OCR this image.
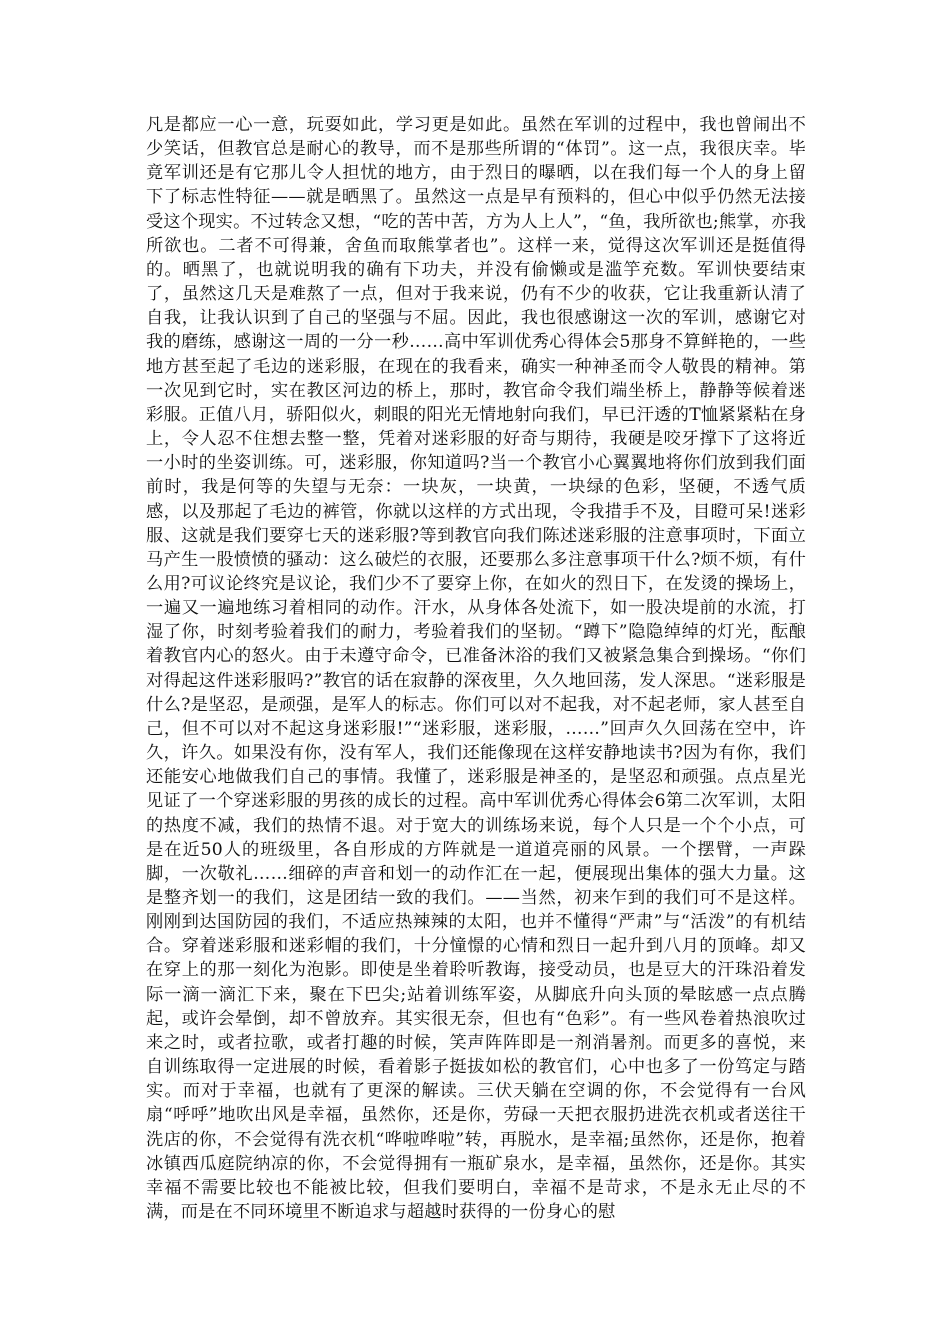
凡是都应一心一意，玩耍如此，学习更是如此。虽然在军训的过程中，我也曾闹出不少笑话，但教官总是耐心的教导，而不是那些所谓的“体罚”。这一点，我很庆幸。毕竟军训还是有它那儿令人担忧的地方，由于烈日的曝晒，以在我们每一个人的身上留下了标志性特征——就是晒黑了。虽然这一点是早有预料的，但心中似乎仍然无法接受这个现实。不过转念又想，“吃的苦中苦，方为人上人”，“鱼，我所欲也;熊掌，亦我所欲也。二者不可得兼，舍鱼而取熊掌者也”。这样一来，觉得这次军训还是挺值得的。晒黑了，也就说明我的确有下功夫，并没有偷懒或是滥竽充数。军训快要结束了，虽然这几天是难熬了一点，但对于我来说，仍有不少的收获，它让我重新认清了自我，让我认识到了自己的坚强与不屈。因此，我也很感谢这一次的军训，感谢它对我的磨练，感谢这一周的一分一秒……高中军训优秀心得体会5那身不算鲜艳的，一些地方甚至起了毛边的迷彩服，在现在的我看来，确实一种神圣而令人敬畏的精神。第一次见到它时，实在教区河边的桥上，那时，教官命令我们端坐桥上，静静等候着迷彩服。正值八月，骄阳似火，刺眼的阳光无情地射向我们，早已汗透的T恤紧紧粘在身上，令人忍不住想去整一整，凭着对迷彩服的好奇与期待，我硬是咬牙撑下了这将近一小时的坐姿训练。可，迷彩服，你知道吗?当一个教官小心翼翼地将你们放到我们面前时，我是何等的失望与无奈：一块灰，一块黄，一块绿的色彩，坚硬，不透气质感，以及那起了毛边的裤管，你就以这样的方式出现，令我措手不及，目瞪可呆!迷彩服、这就是我们要穿七天的迷彩服?等到教官向我们陈述迷彩服的注意事项时，下面立马产生一股愤愤的骚动：这么破烂的衣服，还要那么多注意事项干什么?烦不烦，有什么用?可议论终究是议论，我们少不了要穿上你，在如火的烈日下，在发烫的操场上，一遍又一遍地练习着相同的动作。汗水，从身体各处流下，如一股决堤前的水流，打湿了你，时刻考验着我们的耐力，考验着我们的坚韧。“蹲下”隐隐绰绰的灯光，酝酿着教官内心的怒火。由于未遵守命令，已准备沐浴的我们又被紧急集合到操场。“你们对得起这件迷彩服吗?”教官的话在寂静的深夜里，久久地回荡，发人深思。“迷彩服是什么?是坚忍，是顽强，是军人的标志。你们可以对不起我，对不起老师，家人甚至自己，但不可以对不起这身迷彩服!”“迷彩服，迷彩服，……”回声久久回荡在空中，许久，许久。如果没有你，没有军人，我们还能像现在这样安静地读书?因为有你，我们还能安心地做我们自己的事情。我懂了，迷彩服是神圣的，是坚忍和顽强。点点星光见证了一个穿迷彩服的男孩的成长的过程。高中军训优秀心得体会6第二次军训，太阳的热度不减，我们的热情不退。对于宽大的训练场来说，每个人只是一个个小点，可是在近50人的班级里，各自形成的方阵就是一道道亮丽的风景。一个摆臂，一声跺脚，一次敬礼……细碎的声音和划一的动作汇在一起，便展现出集体的强大力量。这是整齐划一的我们，这是团结一致的我们。——当然，初来乍到的我们可不是这样。刚刚到达国防园的我们，不适应热辣辣的太阳，也并不懂得“严肃”与“活泼”的有机结合。穿着迷彩服和迷彩帽的我们，十分憧憬的心情和烈日一起升到八月的顶峰。却又在穿上的那一刻化为泡影。即使是坐着聆听教诲，接受动员，也是豆大的汗珠沿着发际一滴一滴汇下来，聚在下巴尖;站着训练军姿，从脚底升向头顶的晕眩感一点点腾起，或许会晕倒，却不曾放弃。其实很无奈，但也有“色彩”。有一些风卷着热浪吹过来之时，或者拉歌，或者打趣的时候，笑声阵阵即是一剂消暑剂。而更多的喜悦，来自训练取得一定进展的时候，看着影子挺拔如松的教官们，心中也多了一份笃定与踏实。而对于幸福，也就有了更深的解读。三伏天躺在空调的你，不会觉得有一台风扇“呼呼”地吹出风是幸福，虽然你，还是你，劳碌一天把衣服扔进洗衣机或者送往干洗店的你，不会觉得有洗衣机“哗啦哗啦”转，再脱水，是幸福;虽然你，还是你，抱着冰镇西瓜庭院纳凉的你，不会觉得拥有一瓶矿泉水，是幸福，虽然你，还是你。其实幸福不需要比较也不能被比较，但我们要明白，幸福不是苛求，不是永无止尽的不满，而是在不同环境里不断追求与超越时获得的一份身心的慰
